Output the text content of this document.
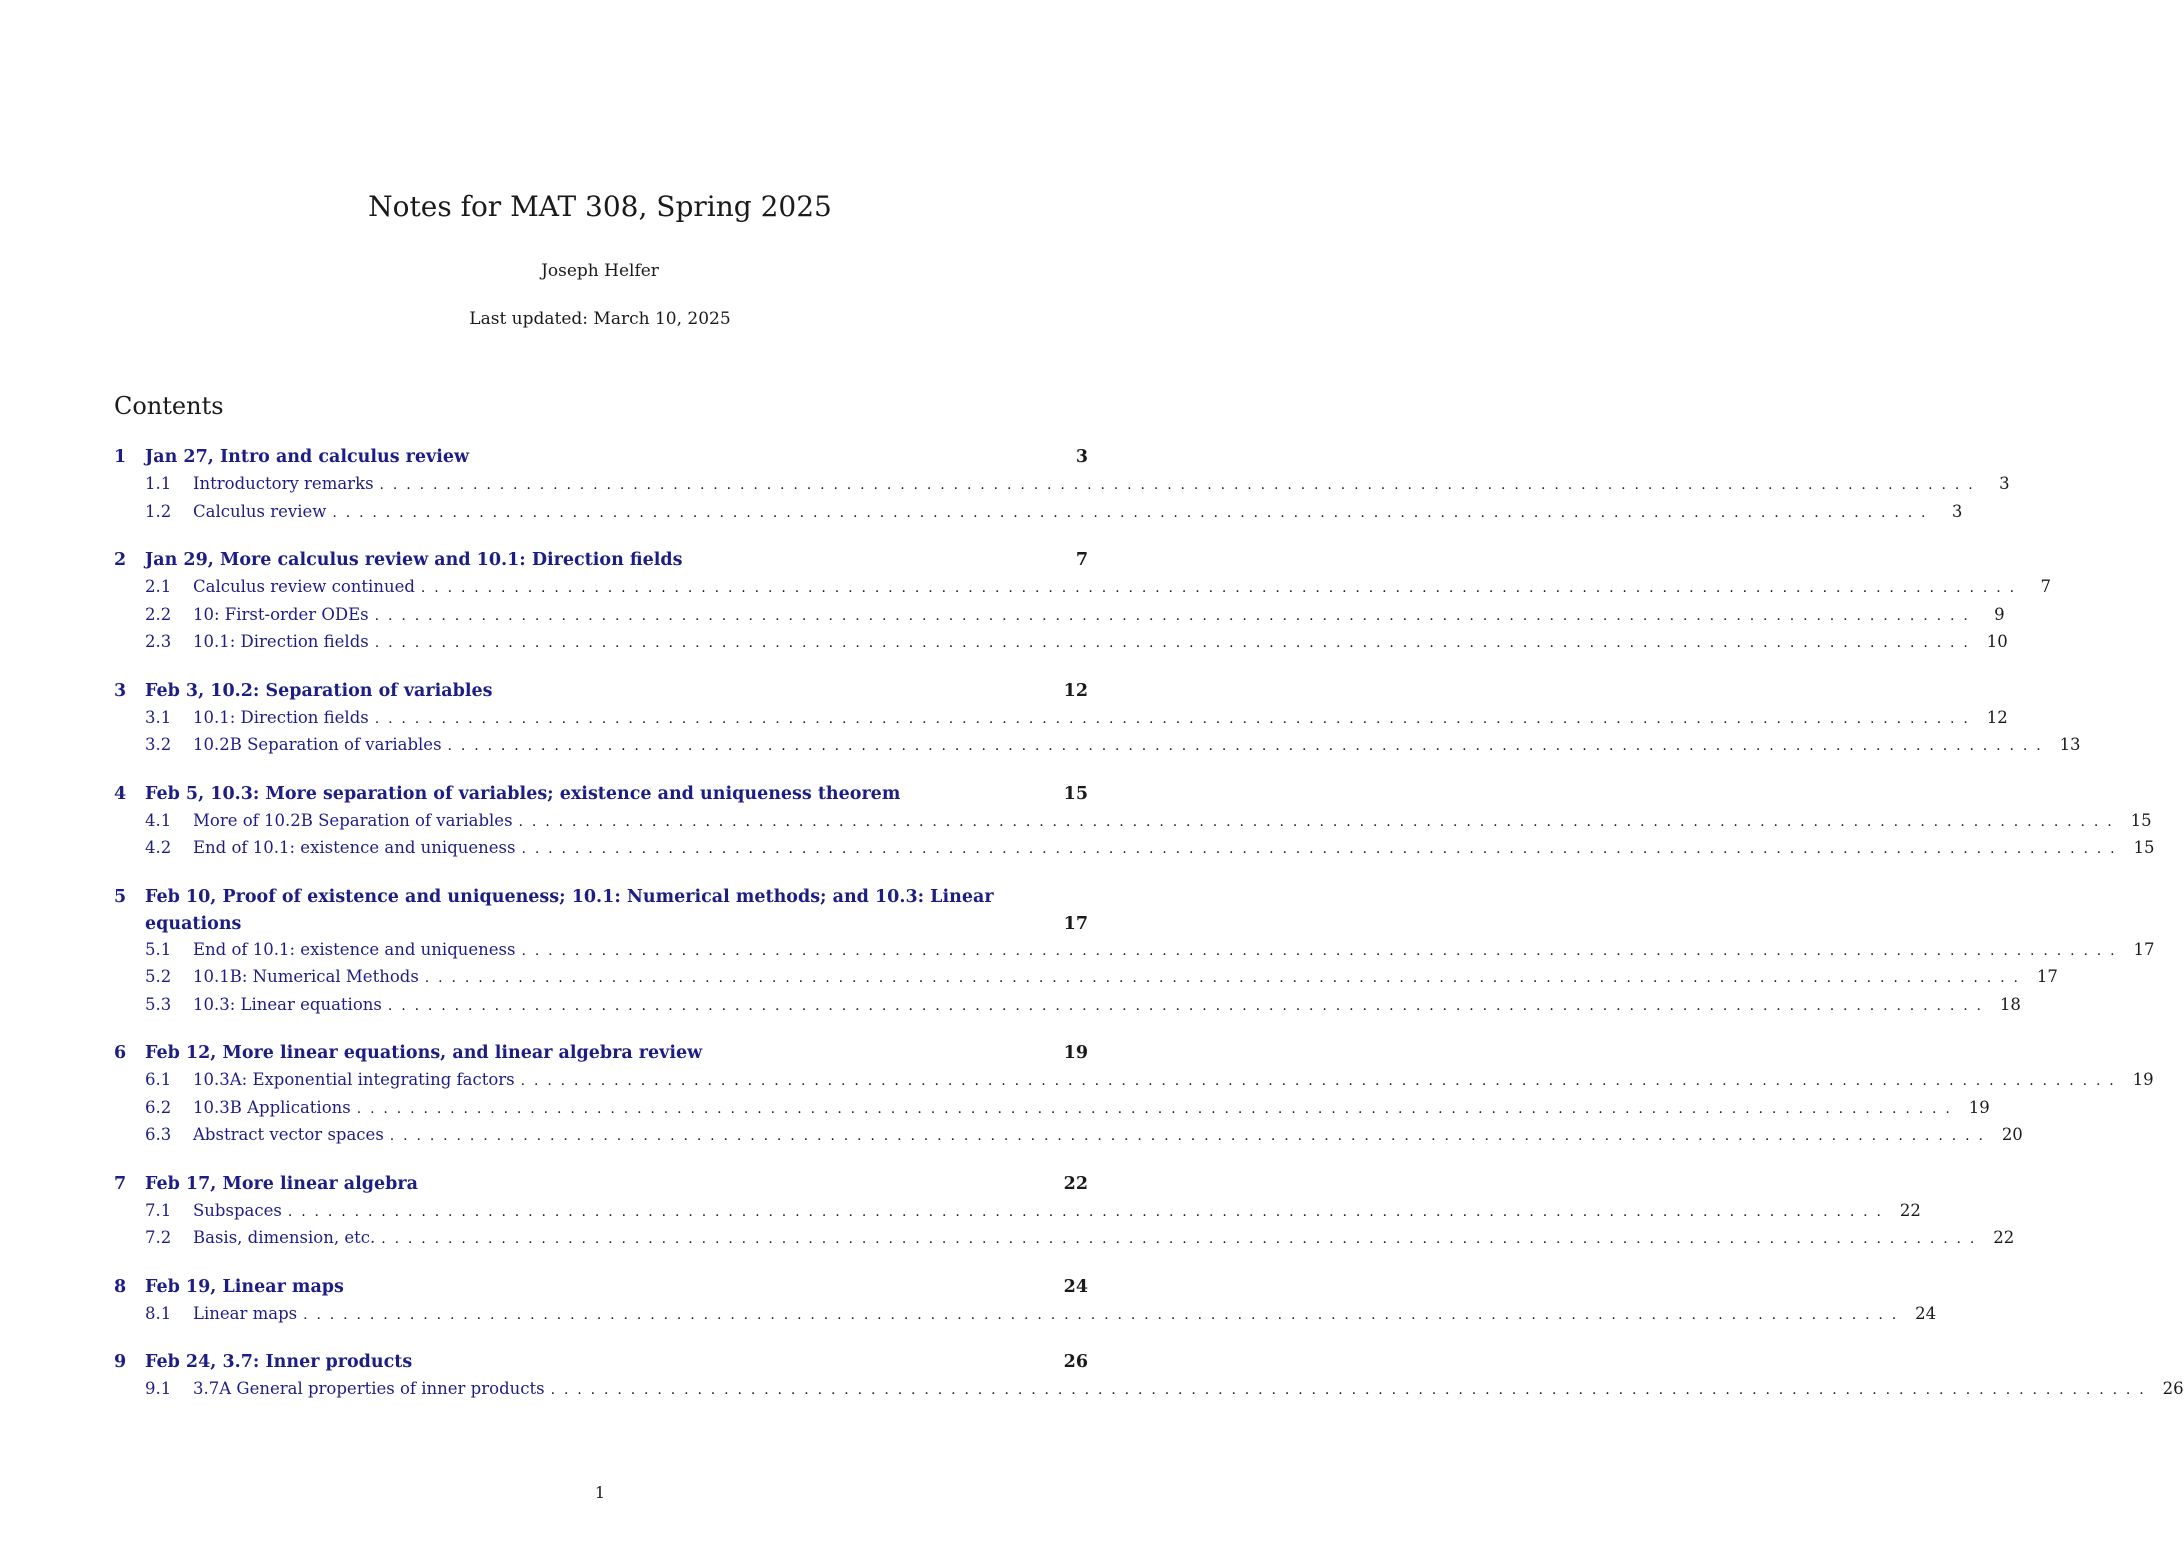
Notes for MAT 308, Spring 2025
Joseph Helfer
Last updated: March 10, 2025
Contents
1	Jan 27, Intro and calculus review	3
1.1	Introductory remarks ........................................................................................................................	3
1.2	Calculus review ........................................................................................................................	3
2	Jan 29, More calculus review and 10.1: Direction fields	7
2.1	Calculus review continued ........................................................................................................................	7
2.2	10: First-order ODEs ........................................................................................................................	9
2.3	10.1: Direction fields ........................................................................................................................ 10
3	Feb 3, 10.2: Separation of variables	12
3.1	10.1: Direction fields ........................................................................................................................ 12
3.2	10.2B Separation of variables ........................................................................................................................ 13
4	Feb 5, 10.3: More separation of variables; existence and uniqueness theorem	15
4.1	More of 10.2B Separation of variables ........................................................................................................................ 15
4.2	End of 10.1: existence and uniqueness ........................................................................................................................ 15
5	Feb 10, Proof of existence and uniqueness; 10.1: Numerical methods; and 10.3: Linear
equations	17
5.1	End of 10.1: existence and uniqueness ........................................................................................................................ 17
5.2	10.1B: Numerical Methods ........................................................................................................................ 17
5.3	10.3: Linear equations ........................................................................................................................ 18
6	Feb 12, More linear equations, and linear algebra review	19
6.1	10.3A: Exponential integrating factors ........................................................................................................................ 19
6.2	10.3B Applications ........................................................................................................................ 19
6.3	Abstract vector spaces ........................................................................................................................ 20
7	Feb 17, More linear algebra	22
7.1	Subspaces ........................................................................................................................ 22
7.2	Basis, dimension, etc. ........................................................................................................................ 22
8	Feb 19, Linear maps	24
8.1	Linear maps ........................................................................................................................ 24
9	Feb 24, 3.7: Inner products	26
9.1	3.7A General properties of inner products ........................................................................................................................ 26
1
